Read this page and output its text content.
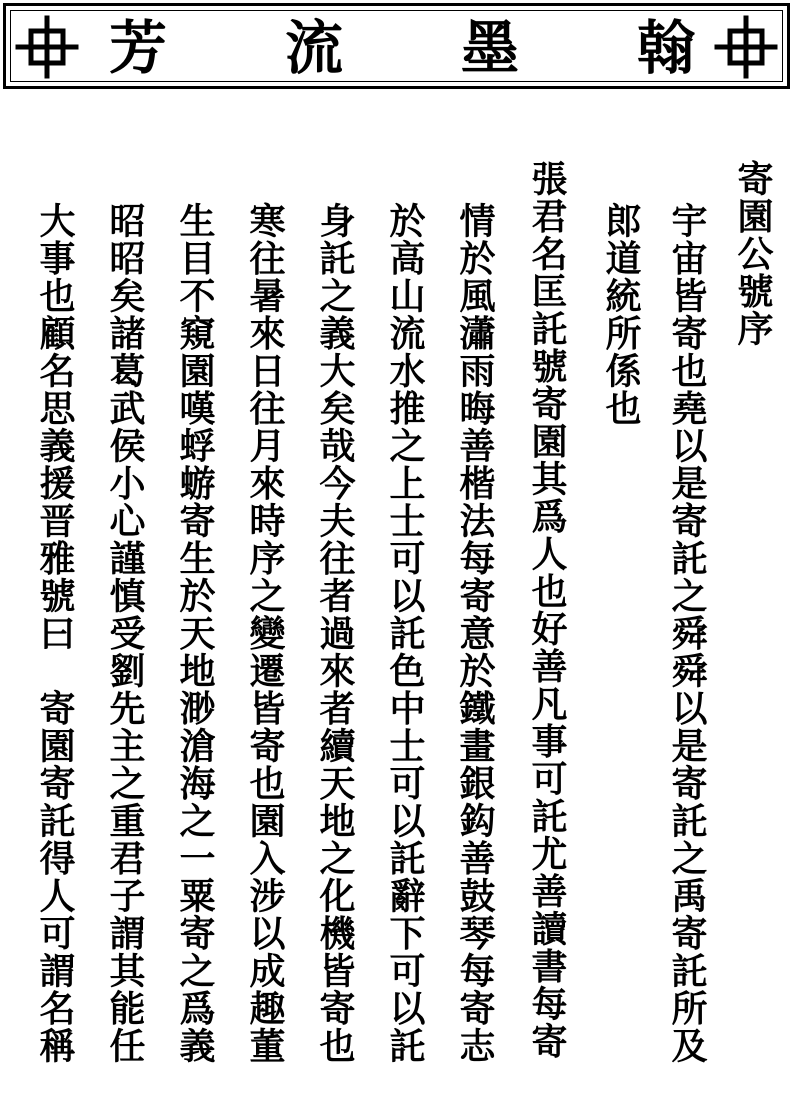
芳 流 墨 翰
寄園公號序
宇宙皆寄也堯以是寄託之舜舜以是寄託之禹寄託所及
郎道統所係也
張君名匡託號寄園其爲人也好善凡事可託尤善讀書每寄
情於風瀟雨晦善楷法每寄意於鐵畫銀鈎善鼓琴每寄志
於高山流水推之上士可以託色中士可以託辭下可以託
身託之義大矣哉今夫往者過來者續天地之化機皆寄也
寒往暑來日往月來時序之變遷皆寄也園入涉以成趣董
生目不窺園嘆蜉蝣寄生於天地渺滄海之一粟寄之爲義
昭昭矣諸葛武侯小心謹慎受劉先主之重君子謂其能任
大事也顧名思義援晋雅號曰　寄園寄託得人可謂名稱
